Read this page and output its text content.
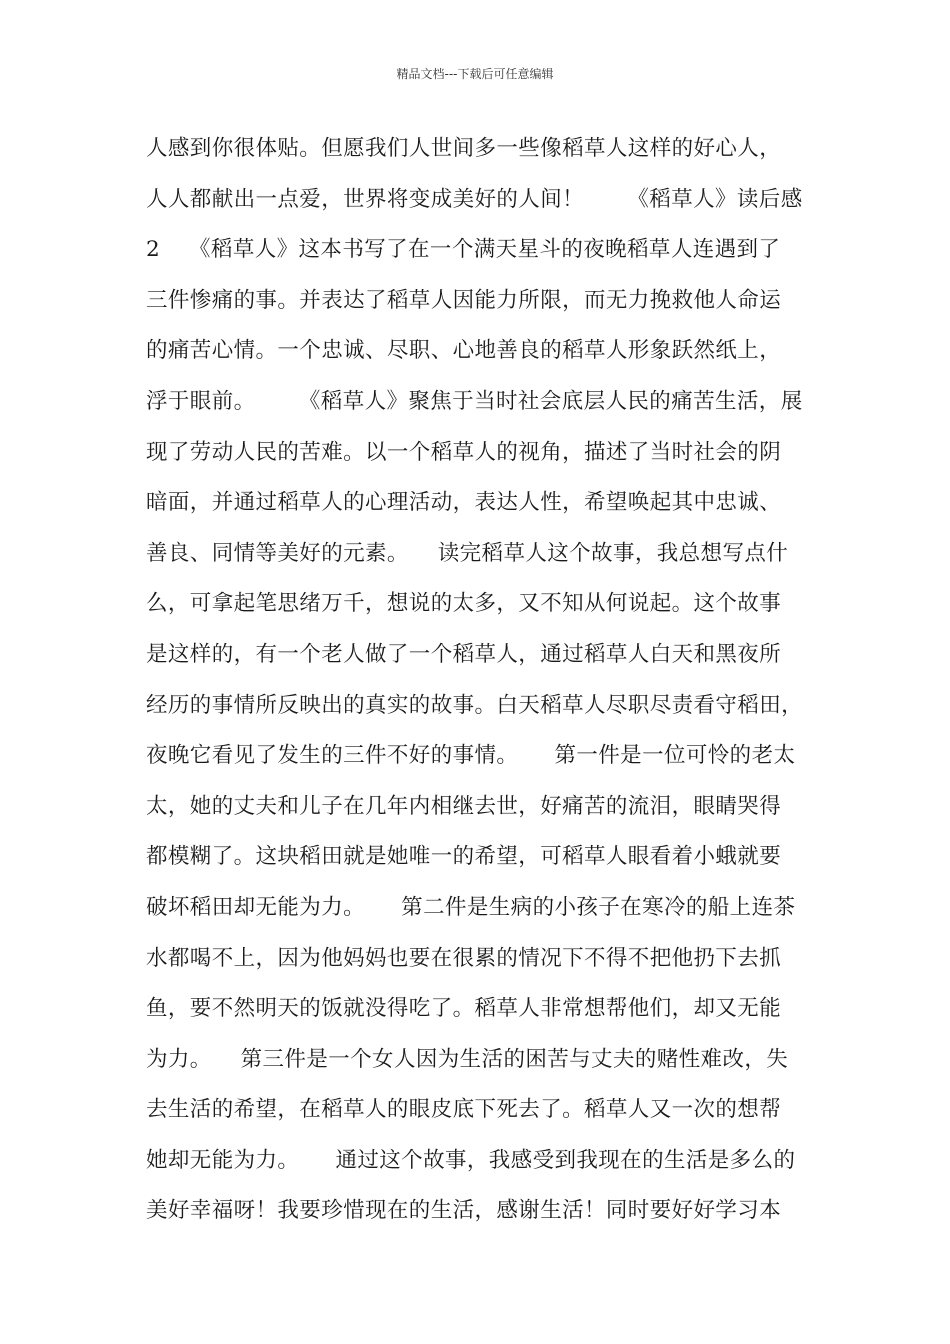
精品文档---下载后可任意编辑
人感到你很体贴。但愿我们人世间多一些像稻草人这样的好心人，
人人都献出一点爱，世界将变成美好的人间！      《稻草人》读后感
2    《稻草人》这本书写了在一个满天星斗的夜晚稻草人连遇到了
三件惨痛的事。并表达了稻草人因能力所限，而无力挽救他人命运
的痛苦心情。一个忠诚、尽职、心地善良的稻草人形象跃然纸上，
浮于眼前。      《稻草人》聚焦于当时社会底层人民的痛苦生活，展
现了劳动人民的苦难。以一个稻草人的视角，描述了当时社会的阴
暗面，并通过稻草人的心理活动，表达人性，希望唤起其中忠诚、
善良、同情等美好的元素。    读完稻草人这个故事，我总想写点什
么，可拿起笔思绪万千，想说的太多，又不知从何说起。这个故事
是这样的，有一个老人做了一个稻草人，通过稻草人白天和黑夜所
经历的事情所反映出的真实的故事。白天稻草人尽职尽责看守稻田，
夜晚它看见了发生的三件不好的事情。     第一件是一位可怜的老太
太，她的丈夫和儿子在几年内相继去世，好痛苦的流泪，眼睛哭得
都模糊了。这块稻田就是她唯一的希望，可稻草人眼看着小蛾就要
破坏稻田却无能为力。     第二件是生病的小孩子在寒冷的船上连茶
水都喝不上，因为他妈妈也要在很累的情况下不得不把他扔下去抓
鱼，要不然明天的饭就没得吃了。稻草人非常想帮他们，却又无能
为力。    第三件是一个女人因为生活的困苦与丈夫的赌性难改，失
去生活的希望，在稻草人的眼皮底下死去了。稻草人又一次的想帮
她却无能为力。     通过这个故事，我感受到我现在的生活是多么的
美好幸福呀！我要珍惜现在的生活，感谢生活！同时要好好学习本
